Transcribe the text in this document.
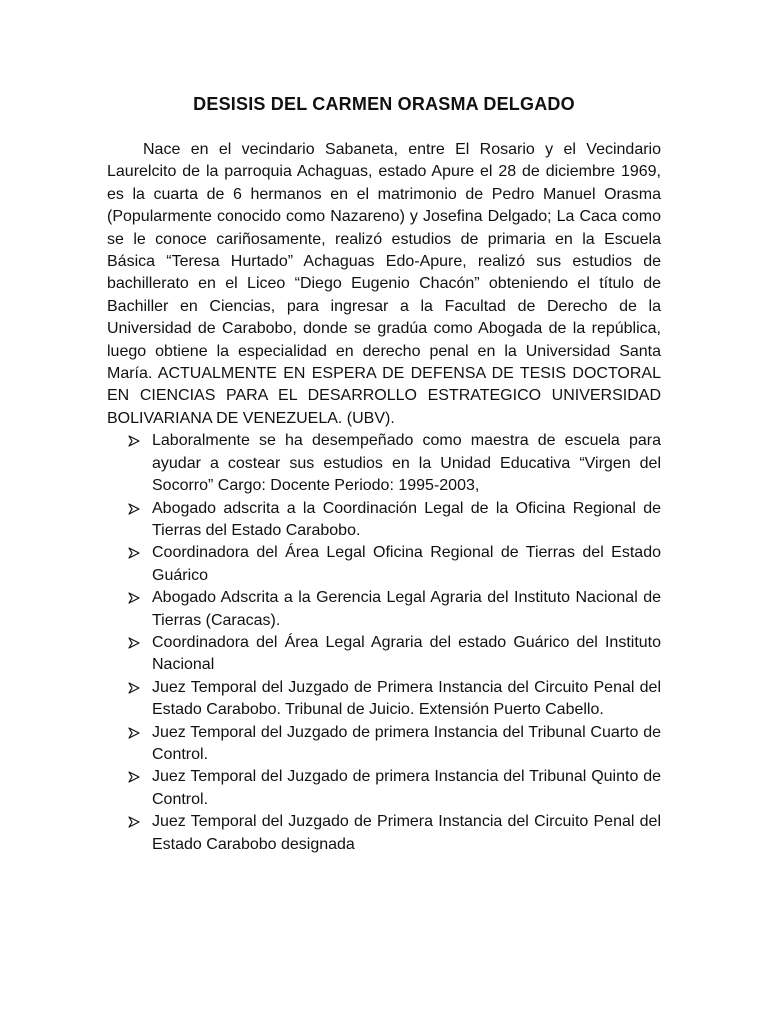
DESISIS DEL CARMEN ORASMA DELGADO

Nace en el vecindario Sabaneta, entre El Rosario y el Vecindario Laurelcito de la parroquia Achaguas, estado Apure el 28 de diciembre 1969, es la cuarta de 6 hermanos en el matrimonio de Pedro Manuel Orasma (Popularmente conocido como Nazareno) y Josefina Delgado; La Caca como se le conoce cariñosamente, realizó estudios de primaria en la Escuela Básica “Teresa Hurtado” Achaguas Edo-Apure, realizó sus estudios de bachillerato en el Liceo “Diego Eugenio Chacón” obteniendo el título de Bachiller en Ciencias, para ingresar a la Facultad de Derecho de la Universidad de Carabobo, donde se gradúa como Abogada de la república, luego obtiene la especialidad en derecho penal en la Universidad Santa María. ACTUALMENTE EN ESPERA DE DEFENSA DE TESIS DOCTORAL EN CIENCIAS PARA EL DESARROLLO ESTRATEGICO UNIVERSIDAD BOLIVARIANA DE VENEZUELA. (UBV).

Laboralmente se ha desempeñado como maestra de escuela para ayudar a costear sus estudios en la Unidad Educativa “Virgen del Socorro” Cargo: Docente Periodo: 1995-2003,
Abogado adscrita a la Coordinación Legal de la Oficina Regional de Tierras del Estado Carabobo.
Coordinadora del Área Legal Oficina Regional de Tierras del Estado Guárico
Abogado Adscrita a la Gerencia Legal Agraria del Instituto Nacional de Tierras (Caracas).
Coordinadora del Área Legal Agraria del estado Guárico del Instituto Nacional
Juez Temporal del Juzgado de Primera Instancia del Circuito Penal del Estado Carabobo. Tribunal de Juicio. Extensión Puerto Cabello.
Juez Temporal del Juzgado de primera Instancia del Tribunal Cuarto de Control.
Juez Temporal del Juzgado de primera Instancia del Tribunal Quinto de Control.
Juez Temporal del Juzgado de Primera Instancia del Circuito Penal del Estado Carabobo designada
